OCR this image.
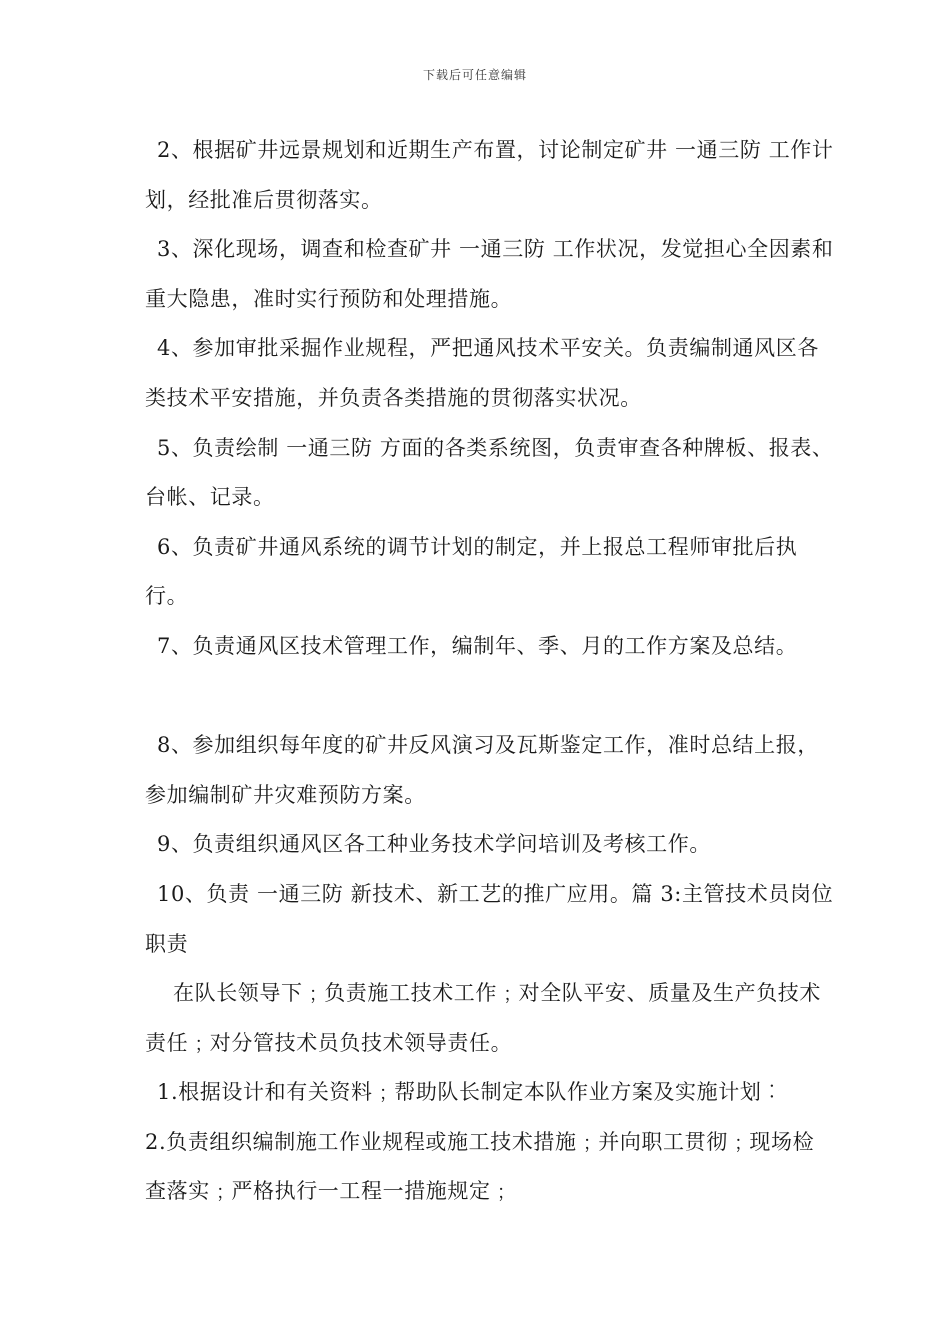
下载后可任意编辑

2、根据矿井远景规划和近期生产布置，讨论制定矿井 一通三防 工作计划，经批准后贯彻落实。

3、深化现场，调查和检查矿井 一通三防 工作状况，发觉担心全因素和重大隐患，准时实行预防和处理措施。

4、参加审批采掘作业规程，严把通风技术平安关。负责编制通风区各类技术平安措施，并负责各类措施的贯彻落实状况。

5、负责绘制 一通三防 方面的各类系统图，负责审查各种牌板、报表、台帐、记录。

6、负责矿井通风系统的调节计划的制定，并上报总工程师审批后执行。

7、负责通风区技术管理工作，编制年、季、月的工作方案及总结。

8、参加组织每年度的矿井反风演习及瓦斯鉴定工作，准时总结上报，参加编制矿井灾难预防方案。

9、负责组织通风区各工种业务技术学问培训及考核工作。

10、负责 一通三防 新技术、新工艺的推广应用。篇 3:主管技术员岗位职责

在队长领导下﹔负责施工技术工作﹔对全队平安、质量及生产负技术责任﹔对分管技术员负技术领导责任。

1.根据设计和有关资料﹔帮助队长制定本队作业方案及实施计划︰

2.负责组织编制施工作业规程或施工技术措施﹔并向职工贯彻﹔现场检查落实﹔严格执行一工程一措施规定﹔
